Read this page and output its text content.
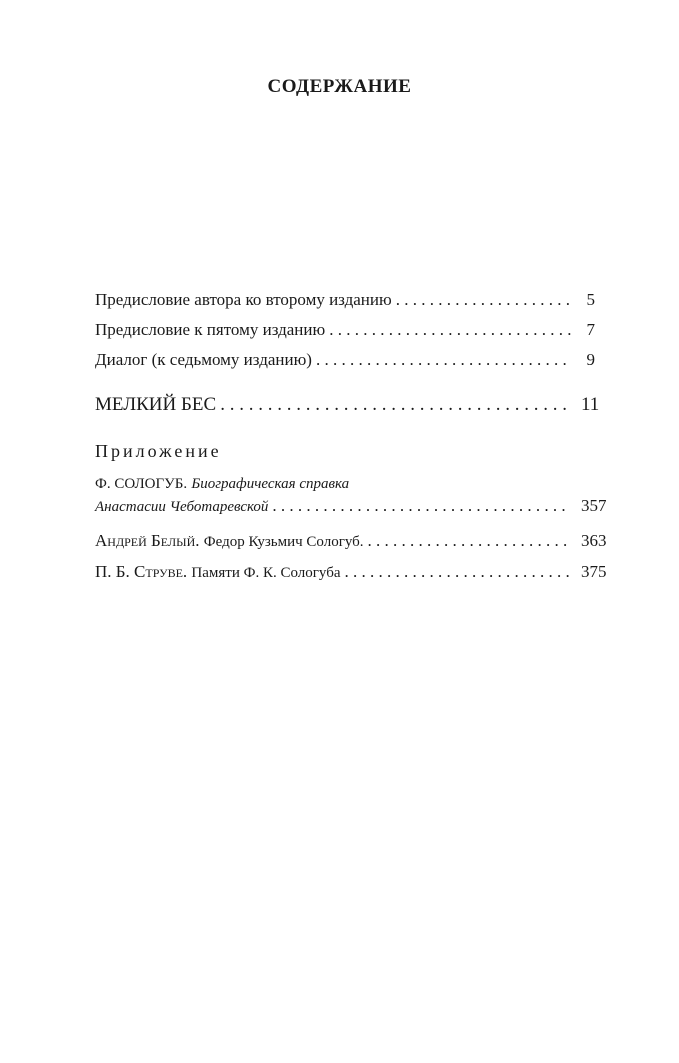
СОДЕРЖАНИЕ
Предисловие автора ко второму изданию . . .	5
Предисловие к пятому изданию . . .	7
Диалог (к седьмому изданию) . . .	9
МЕЛКИЙ БЕС . . .	11
Приложение
Ф. СОЛОГУБ. Биографическая справка
Анастасии Чеботаревской . . .	357
Андрей Белый. Федор Кузьмич Сологуб. . . .	363
П. Б. Струве. Памяти Ф. К. Сологуба . . .	375
